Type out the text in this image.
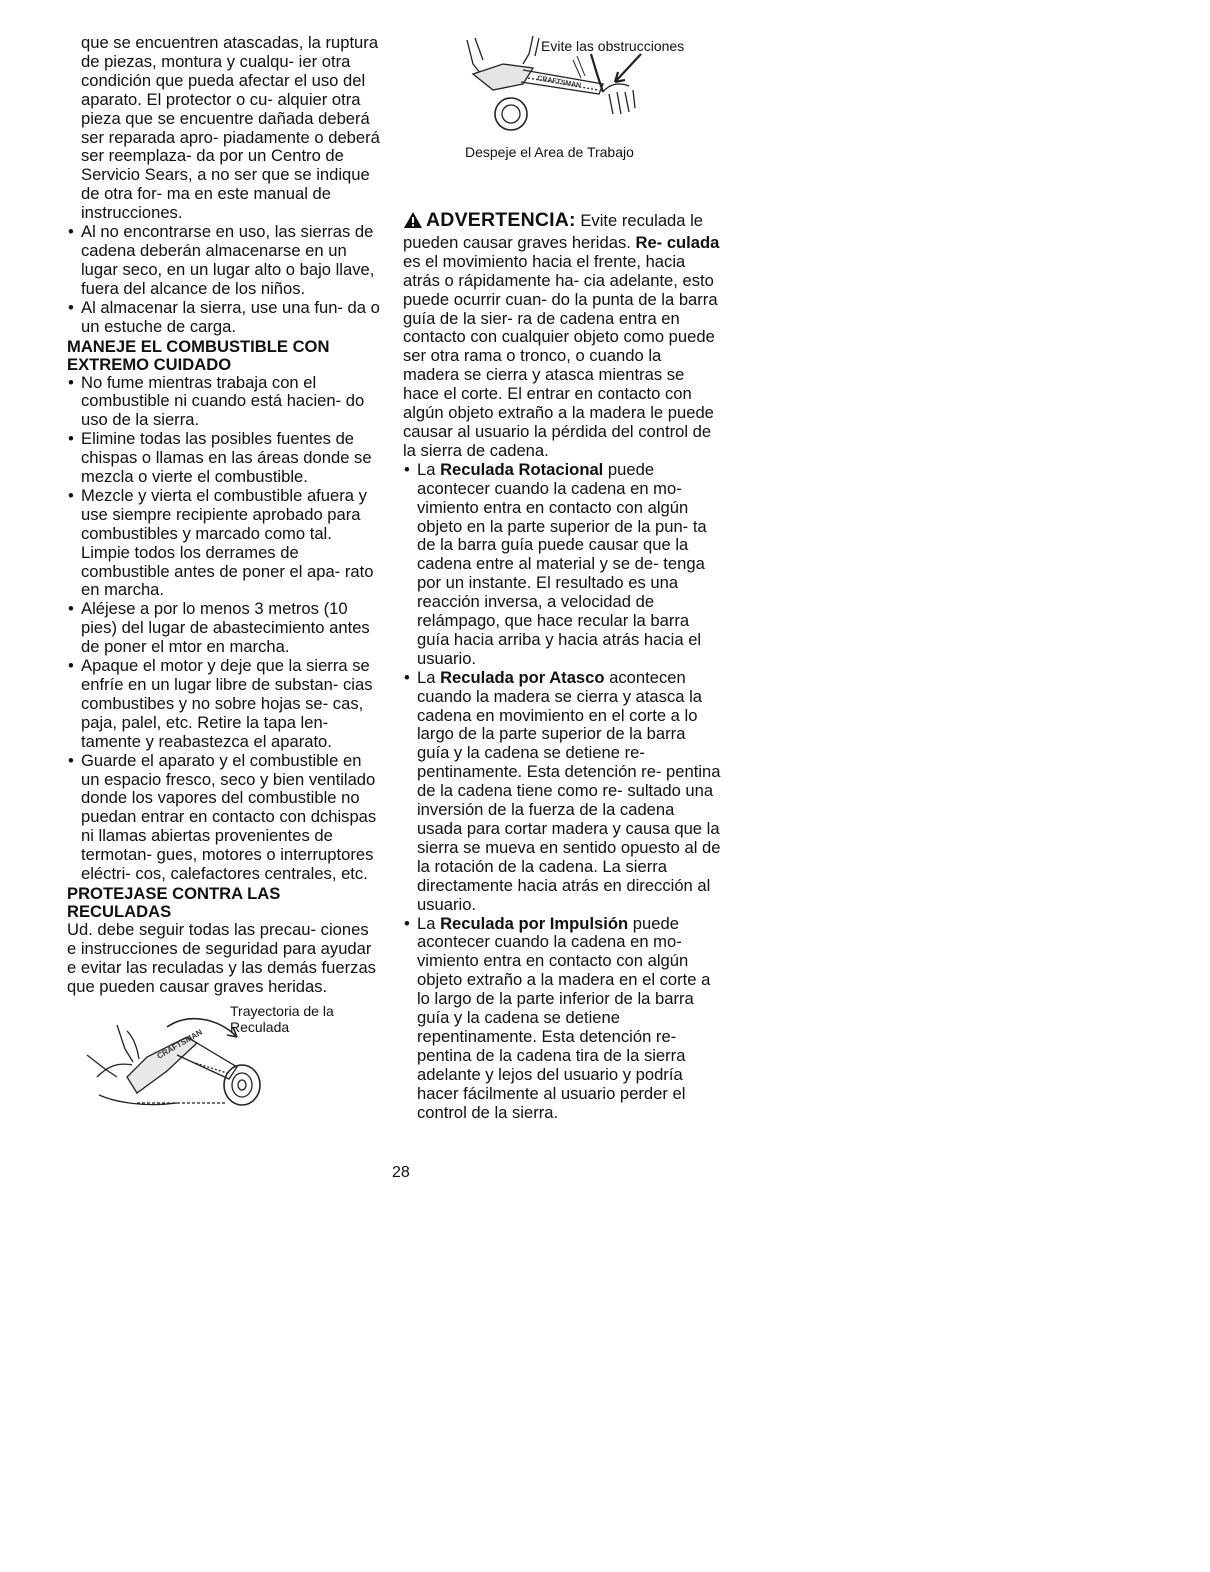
que se encuentren atascadas, la ruptura de piezas, montura y cualqu- ier otra condición que pueda afectar el uso del aparato. El protector o cu- alquier otra pieza que se encuentre dañada deberá ser reparada apro- piadamente o deberá ser reemplaza- da por un Centro de Servicio Sears, a no ser que se indique de otra for- ma en este manual de instrucciones.

• Al no encontrarse en uso, las sierras de cadena deberán almacenarse en un lugar seco, en un lugar alto o bajo llave, fuera del alcance de los niños.
• Al almacenar la sierra, use una fun- da o un estuche de carga.

MANEJE EL COMBUSTIBLE CON EXTREMO CUIDADO

• No fume mientras trabaja con el combustible ni cuando está hacien- do uso de la sierra.
• Elimine todas las posibles fuentes de chispas o llamas en las áreas donde se mezcla o vierte el combustible.
• Mezcle y vierta el combustible afuera y use siempre recipiente aprobado para combustibles y marcado como tal. Limpie todos los derrames de combustible antes de poner el apa- rato en marcha.
• Aléjese a por lo menos 3 metros (10 pies) del lugar de abastecimiento antes de poner el mtor en marcha.
• Apaque el motor y deje que la sierra se enfríe en un lugar libre de substan- cias combustibes y no sobre hojas se- cas, paja, palel, etc. Retire la tapa len- tamente y reabastezca el aparato.
• Guarde el aparato y el combustible en un espacio fresco, seco y bien ventilado donde los vapores del combustible no puedan entrar en contacto con dchispas ni llamas abiertas provenientes de termotan- gues, motores o interruptores eléctri- cos, calefactores centrales, etc.

PROTEJASE CONTRA LAS RECULADAS

Ud. debe seguir todas las precau- ciones e instrucciones de seguridad para ayudar e evitar las reculadas y las demás fuerzas que pueden causar graves heridas.

CRAFTSMAN
Trayectoria de la
Reculada
CRAFTSMAN
Evite las obstrucciones
Despeje el Area de Trabajo

ADVERTENCIA: Evite reculada le pueden causar graves heridas. Re- culada es el movimiento hacia el frente, hacia atrás o rápidamente ha- cia adelante, esto puede ocurrir cuan- do la punta de la barra guía de la sier- ra de cadena entra en contacto con cualquier objeto como puede ser otra rama o tronco, o cuando la madera se cierra y atasca mientras se hace el corte. El entrar en contacto con algún objeto extraño a la madera le puede causar al usuario la pérdida del control de la sierra de cadena.

• La Reculada Rotacional puede acontecer cuando la cadena en mo- vimiento entra en contacto con algún objeto en la parte superior de la pun- ta de la barra guía puede causar que la cadena entre al material y se de- tenga por un instante. El resultado es una reacción inversa, a velocidad de relámpago, que hace recular la barra guía hacia arriba y hacia atrás hacia el usuario.
• La Reculada por Atasco acontecen cuando la madera se cierra y atasca la cadena en movimiento en el corte a lo largo de la parte superior de la barra guía y la cadena se detiene re- pentinamente. Esta detención re- pentina de la cadena tiene como re- sultado una inversión de la fuerza de la cadena usada para cortar madera y causa que la sierra se mueva en sentido opuesto al de la rotación de la cadena. La sierra directamente hacia atrás en dirección al usuario.
• La Reculada por Impulsión puede acontecer cuando la cadena en mo- vimiento entra en contacto con algún objeto extraño a la madera en el corte a lo largo de la parte inferior de la barra guía y la cadena se detiene repentinamente. Esta detención re- pentina de la cadena tira de la sierra adelante y lejos del usuario y podría hacer fácilmente al usuario perder el control de la sierra.
28
